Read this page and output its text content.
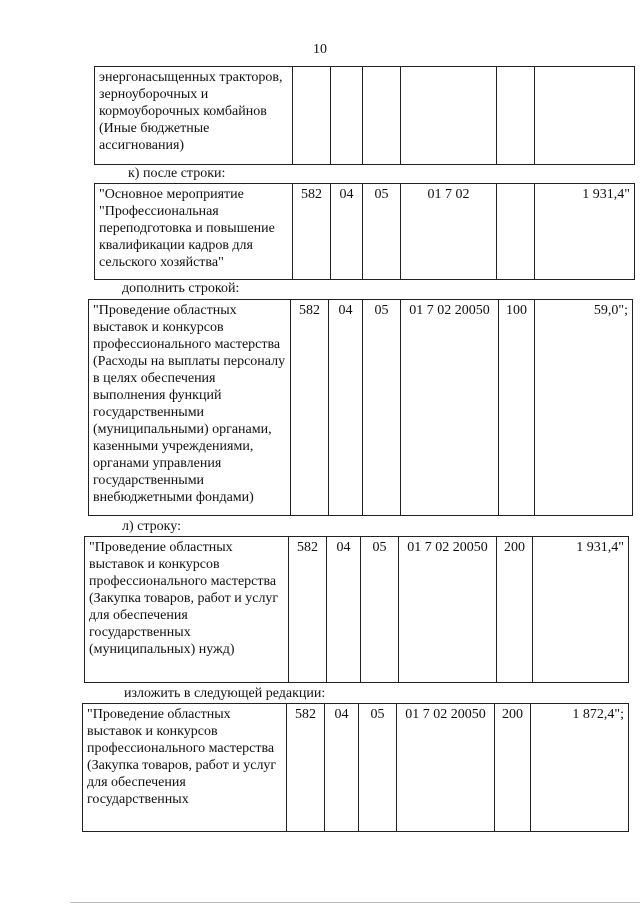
10
энергонасыщенных тракторов, зерноуборочных и кормоуборочных комбайнов (Иные бюджетные ассигнования)						
к) после строки:
"Основное мероприятие "Профессиональная переподготовка и повышение квалификации кадров для сельского хозяйства"	582	04	05	01 7 02		1 931,4"
дополнить строкой:
"Проведение областных выставок и конкурсов профессионального мастерства (Расходы на выплаты персоналу в целях обеспечения выполнения функций государственными (муниципальными) органами, казенными учреждениями, органами управления государственными внебюджетными фондами)	582	04	05	01 7 02 20050	100	59,0";
л) строку:
"Проведение областных выставок и конкурсов профессионального мастерства (Закупка товаров, работ и услуг для обеспечения государственных (муниципальных) нужд)	582	04	05	01 7 02 20050	200	1 931,4"
изложить в следующей редакции:
"Проведение областных выставок и конкурсов профессионального мастерства (Закупка товаров, работ и услуг для обеспечения государственных	582	04	05	01 7 02 20050	200	1 872,4";
